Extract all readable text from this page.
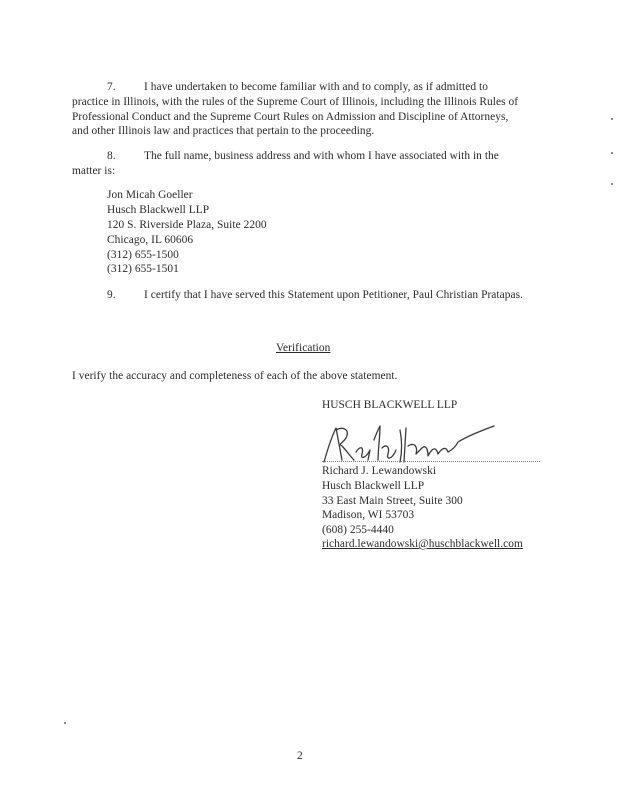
7. I have undertaken to become familiar with and to comply, as if admitted to
practice in Illinois, with the rules of the Supreme Court of Illinois, including the Illinois Rules of
Professional Conduct and the Supreme Court Rules on Admission and Discipline of Attorneys,
and other Illinois law and practices that pertain to the proceeding.
8. The full name, business address and with whom I have associated with in the
matter is:
Jon Micah Goeller
Husch Blackwell LLP
120 S. Riverside Plaza, Suite 2200
Chicago, IL 60606
(312) 655-1500
(312) 655-1501
9. I certify that I have served this Statement upon Petitioner, Paul Christian Pratapas.
Verification
I verify the accuracy and completeness of each of the above statement.
HUSCH BLACKWELL LLP
Richard J. Lewandowski
Husch Blackwell LLP
33 East Main Street, Suite 300
Madison, WI 53703
(608) 255-4440
richard.lewandowski@huschblackwell.com
2
